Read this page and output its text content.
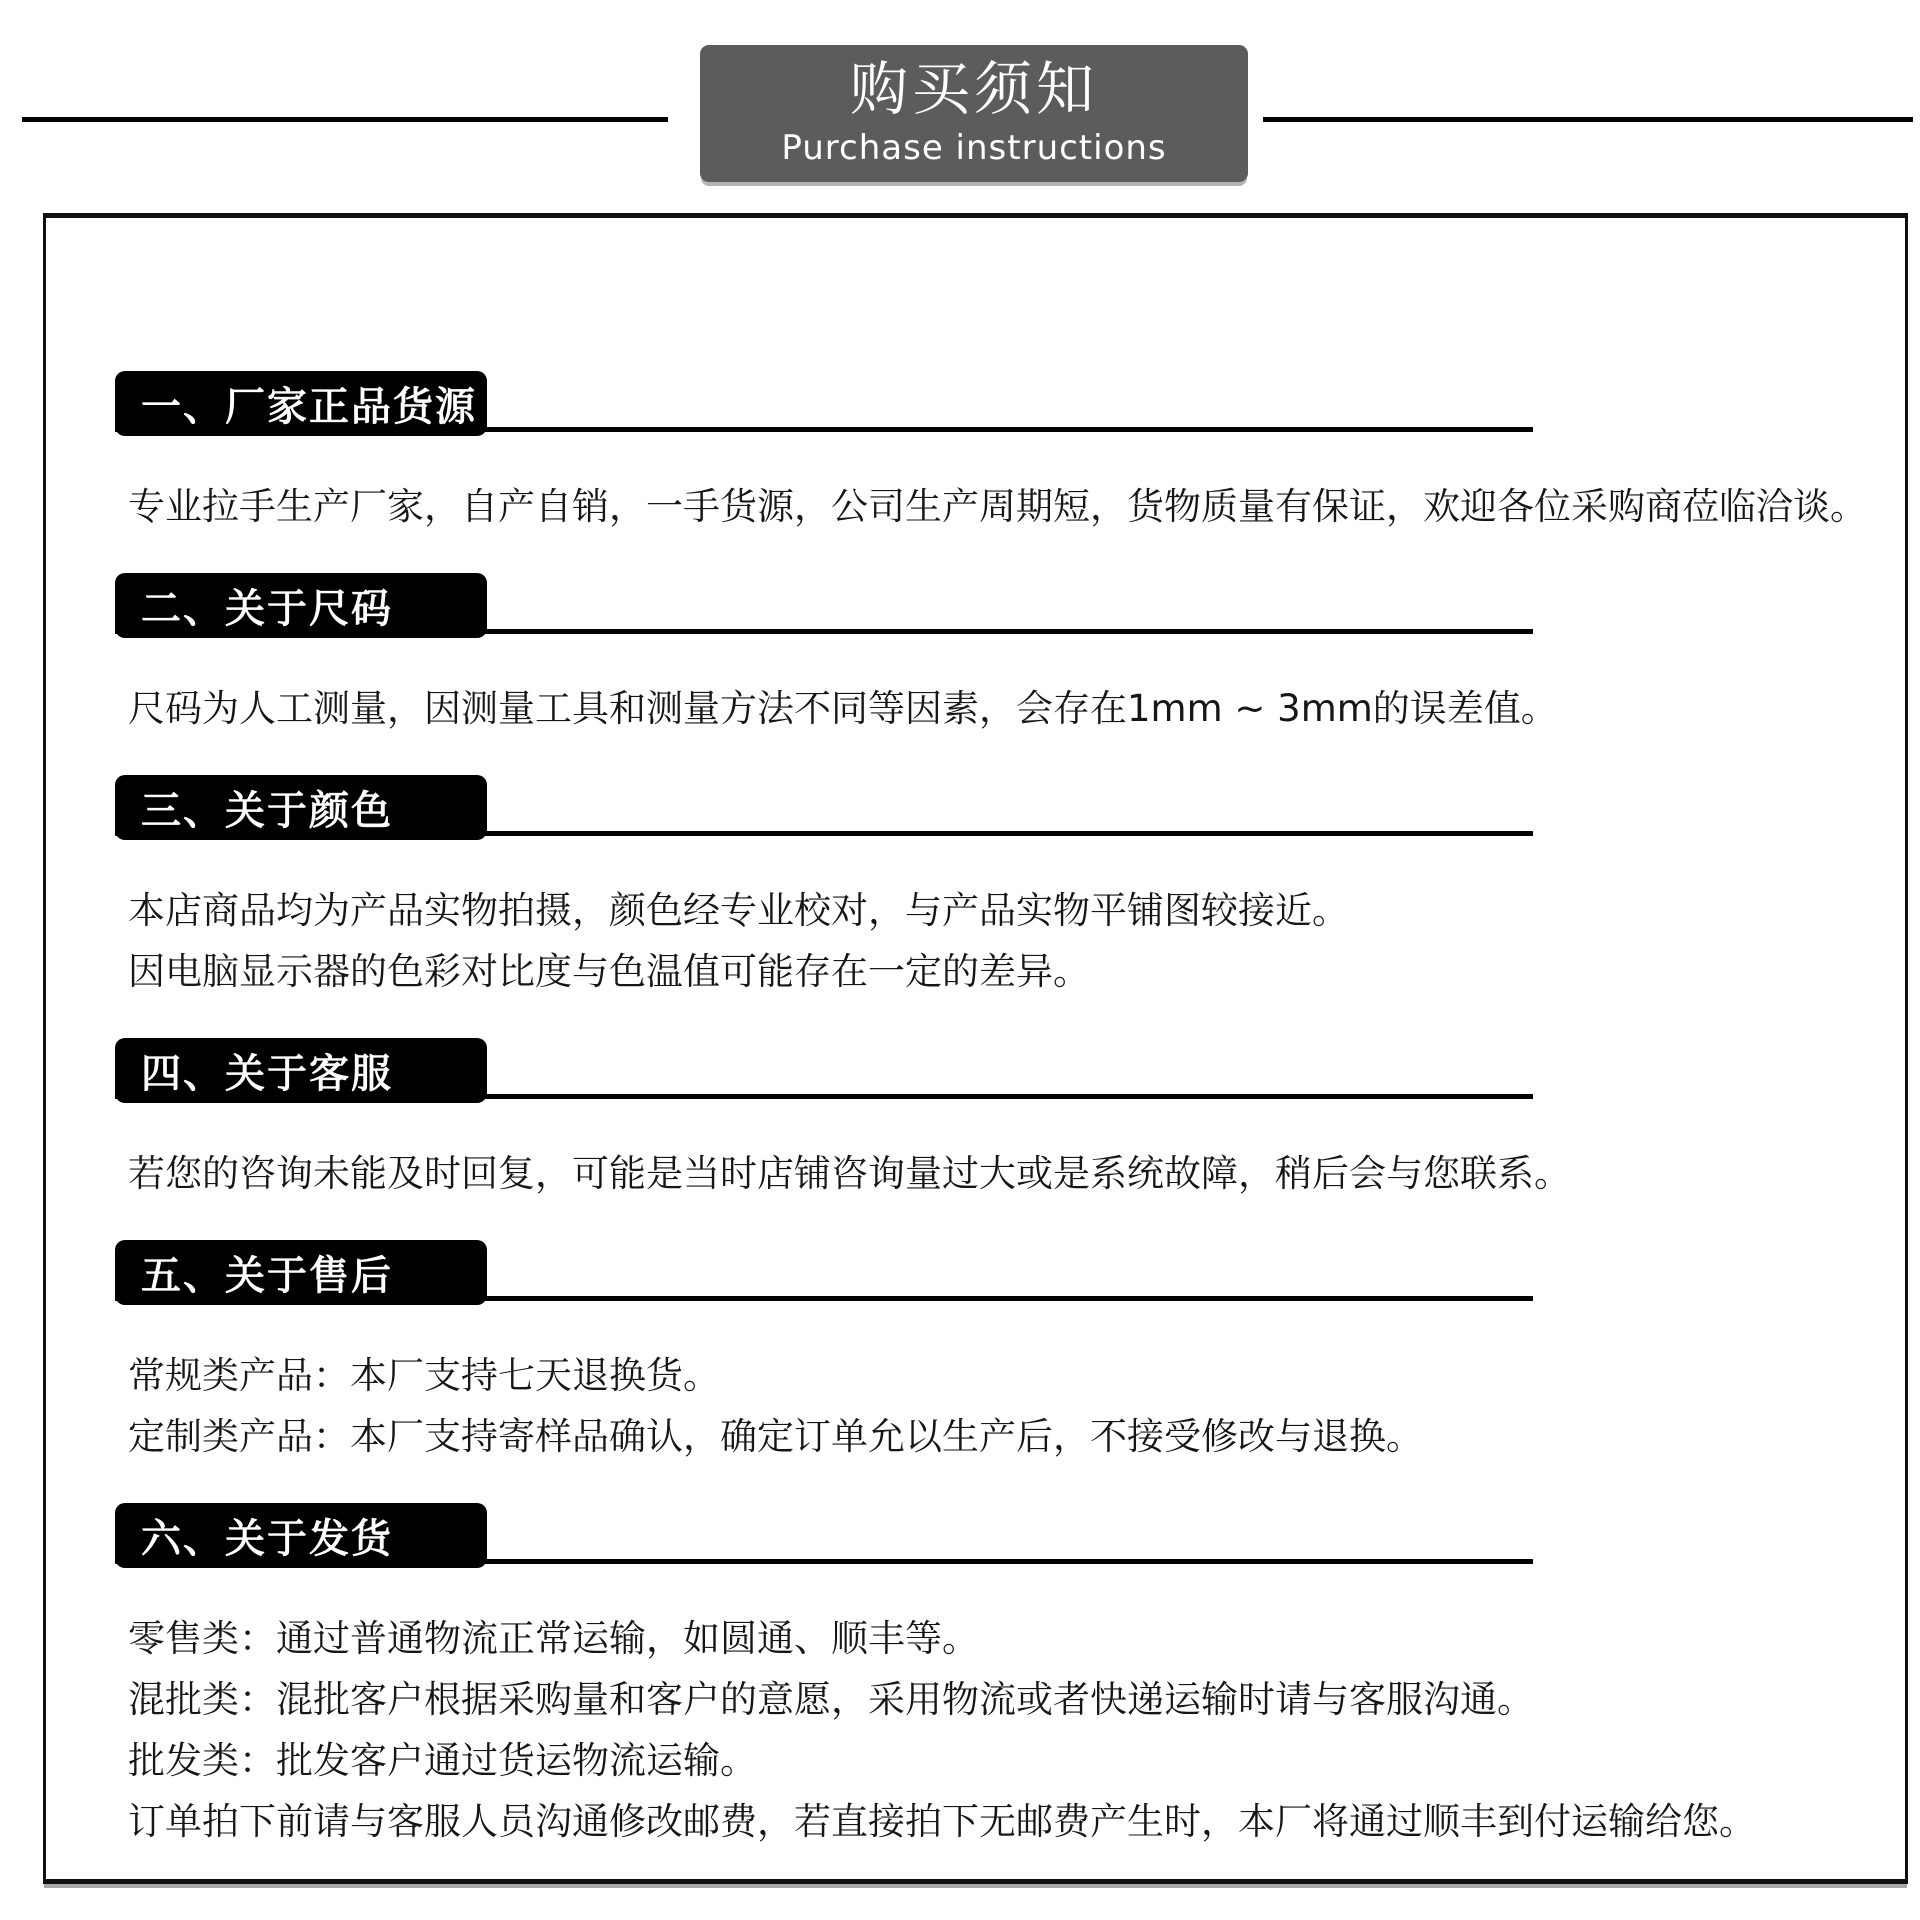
购买须知
Purchase instructions
一、厂家正品货源

专业拉手生产厂家，自产自销，一手货源，公司生产周期短，货物质量有保证，欢迎各位采购商莅临洽谈。

二、关于尺码

尺码为人工测量，因测量工具和测量方法不同等因素，会存在1mm ~ 3mm的误差值。

三、关于颜色

本店商品均为产品实物拍摄，颜色经专业校对，与产品实物平铺图较接近。

因电脑显示器的色彩对比度与色温值可能存在一定的差异。

四、关于客服

若您的咨询未能及时回复，可能是当时店铺咨询量过大或是系统故障，稍后会与您联系。

五、关于售后

常规类产品：本厂支持七天退换货。

定制类产品：本厂支持寄样品确认，确定订单允以生产后，不接受修改与退换。

六、关于发货

零售类：通过普通物流正常运输，如圆通、顺丰等。

混批类：混批客户根据采购量和客户的意愿，采用物流或者快递运输时请与客服沟通。

批发类：批发客户通过货运物流运输。

订单拍下前请与客服人员沟通修改邮费，若直接拍下无邮费产生时，本厂将通过顺丰到付运输给您。
